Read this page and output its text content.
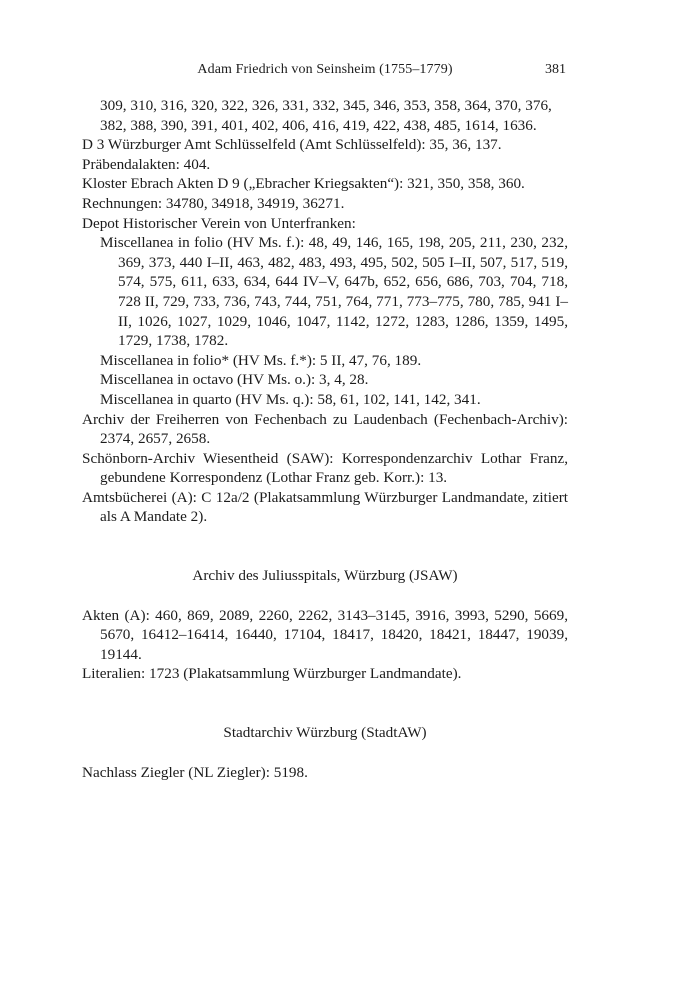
Adam Friedrich von Seinsheim (1755–1779)	381

309, 310, 316, 320, 322, 326, 331, 332, 345, 346, 353, 358, 364, 370, 376,

382, 388, 390, 391, 401, 402, 406, 416, 419, 422, 438, 485, 1614, 1636.

D 3 Würzburger Amt Schlüsselfeld (Amt Schlüsselfeld): 35, 36, 137.

Präbendalakten: 404.

Kloster Ebrach Akten D 9 („Ebracher Kriegsakten“): 321, 350, 358, 360.

Rechnungen: 34780, 34918, 34919, 36271.

Depot Historischer Verein von Unterfranken:

Miscellanea in folio (HV Ms. f.): 48, 49, 146, 165, 198, 205, 211, 230, 232, 369, 373, 440 I–II, 463, 482, 483, 493, 495, 502, 505 I–II, 507, 517, 519, 574, 575, 611, 633, 634, 644 IV–V, 647b, 652, 656, 686, 703, 704, 718, 728 II, 729, 733, 736, 743, 744, 751, 764, 771, 773–775, 780, 785, 941 I–II, 1026, 1027, 1029, 1046, 1047, 1142, 1272, 1283, 1286, 1359, 1495, 1729, 1738, 1782.

Miscellanea in folio* (HV Ms. f.*): 5 II, 47, 76, 189.

Miscellanea in octavo (HV Ms. o.): 3, 4, 28.

Miscellanea in quarto (HV Ms. q.): 58, 61, 102, 141, 142, 341.

Archiv der Freiherren von Fechenbach zu Laudenbach (Fechenbach-Archiv): 2374, 2657, 2658.

Schönborn-Archiv Wiesentheid (SAW): Korrespondenzarchiv Lothar Franz, gebundene Korrespondenz (Lothar Franz geb. Korr.): 13.

Amtsbücherei (A): C 12a/2 (Plakatsammlung Würzburger Landmandate, zitiert als A Mandate 2).

Archiv des Juliusspitals, Würzburg (JSAW)

Akten (A): 460, 869, 2089, 2260, 2262, 3143–3145, 3916, 3993, 5290, 5669, 5670, 16412–16414, 16440, 17104, 18417, 18420, 18421, 18447, 19039, 19144.

Literalien: 1723 (Plakatsammlung Würzburger Landmandate).

Stadtarchiv Würzburg (StadtAW)

Nachlass Ziegler (NL Ziegler): 5198.
